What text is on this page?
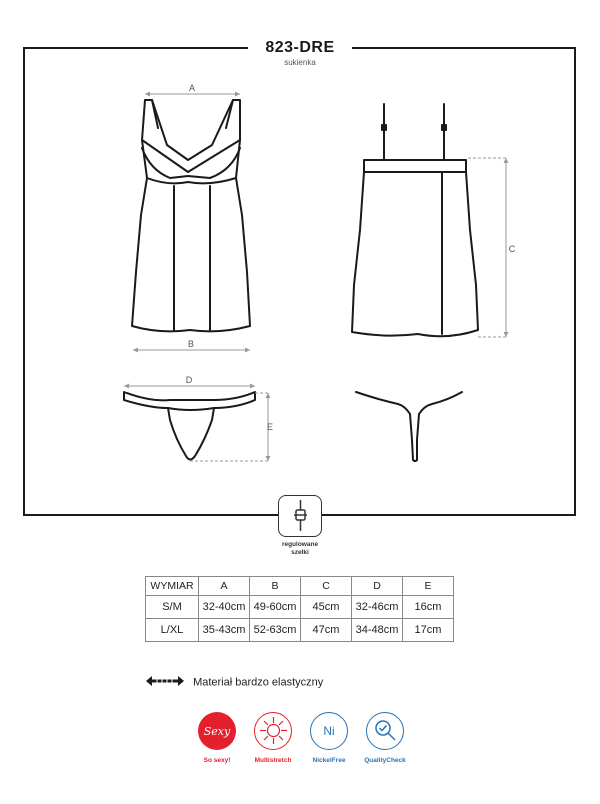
823-DRE
sukienka
A
B
C
D
E
regulowane
szelki
WYMIAR	A	B	C	D	E
S/M	32-40cm	49-60cm	45cm	32-46cm	16cm
L/XL	35-43cm	52-63cm	47cm	34-48cm	17cm
Materiał bardzo elastyczny
Sexy
So sexy!	Multistretch
Ni
NickelFree	QualityCheck
